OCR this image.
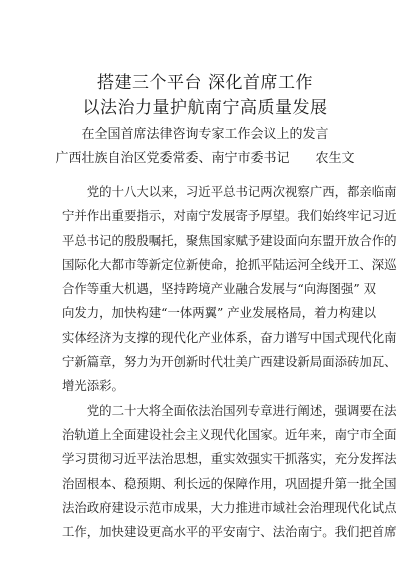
搭建三个平台 深化首席工作
以法治力量护航南宁高质量发展
在全国首席法律咨询专家工作会议上的发言
广西壮族自治区党委常委、南宁市委书记 农生文
党的十八大以来，习近平总书记两次视察广西，都亲临南
宁并作出重要指示，对南宁发展寄予厚望。我们始终牢记习近
平总书记的殷殷嘱托，聚焦国家赋予建设面向东盟开放合作的
国际化大都市等新定位新使命，抢抓平陆运河全线开工、深巡
合作等重大机遇，坚持跨境产业融合发展与“向海图强” 双
向发力，加快构建“一体两翼” 产业发展格局，着力构建以
实体经济为支撑的现代化产业体系，奋力谱写中国式现代化南
宁新篇章，努力为开创新时代壮美广西建设新局面添砖加瓦、
增光添彩。
党的二十大将全面依法治国列专章进行阐述，强调要在法
治轨道上全面建设社会主义现代化国家。近年来，南宁市全面
学习贯彻习近平法治思想，重实效强实干抓落实，充分发挥法
治固根本、稳预期、利长远的保障作用，巩固提升第一批全国
法治政府建设示范市成果，大力推进市域社会治理现代化试点
工作，加快建设更高水平的平安南宁、法治南宁。我们把首席
